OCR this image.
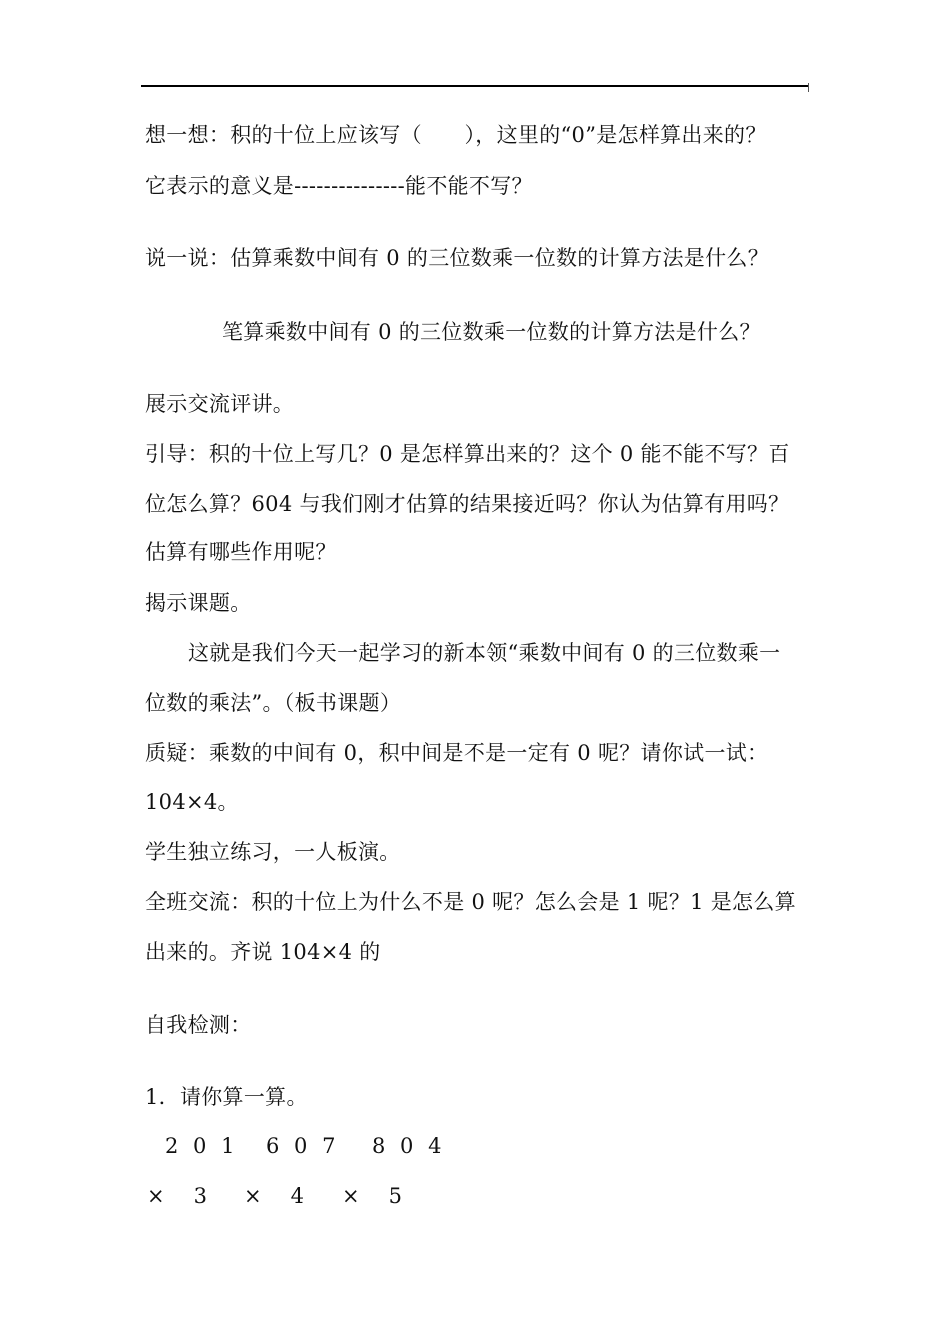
想一想：积的十位上应该写（　　），这里的“0”是怎样算出来的？
它表示的意义是---------------能不能不写？
说一说：估算乘数中间有 0 的三位数乘一位数的计算方法是什么？
笔算乘数中间有 0 的三位数乘一位数的计算方法是什么？
展示交流评讲。
引导：积的十位上写几？0 是怎样算出来的？这个 0 能不能不写？百
位怎么算？604 与我们刚才估算的结果接近吗？你认为估算有用吗？
估算有哪些作用呢？
揭示课题。
这就是我们今天一起学习的新本领“乘数中间有 0 的三位数乘一
位数的乘法”。（板书课题）
质疑：乘数的中间有 0，积中间是不是一定有 0 呢？请你试一试：
104×4。
学生独立练习，一人板演。
全班交流：积的十位上为什么不是 0 呢？怎么会是 1 呢？1 是怎么算
出来的。齐说 104×4 的
自我检测：
1．请你算一算。
2 0 1 6 0 7 8 0 4
×　3 ×　4 ×　5
